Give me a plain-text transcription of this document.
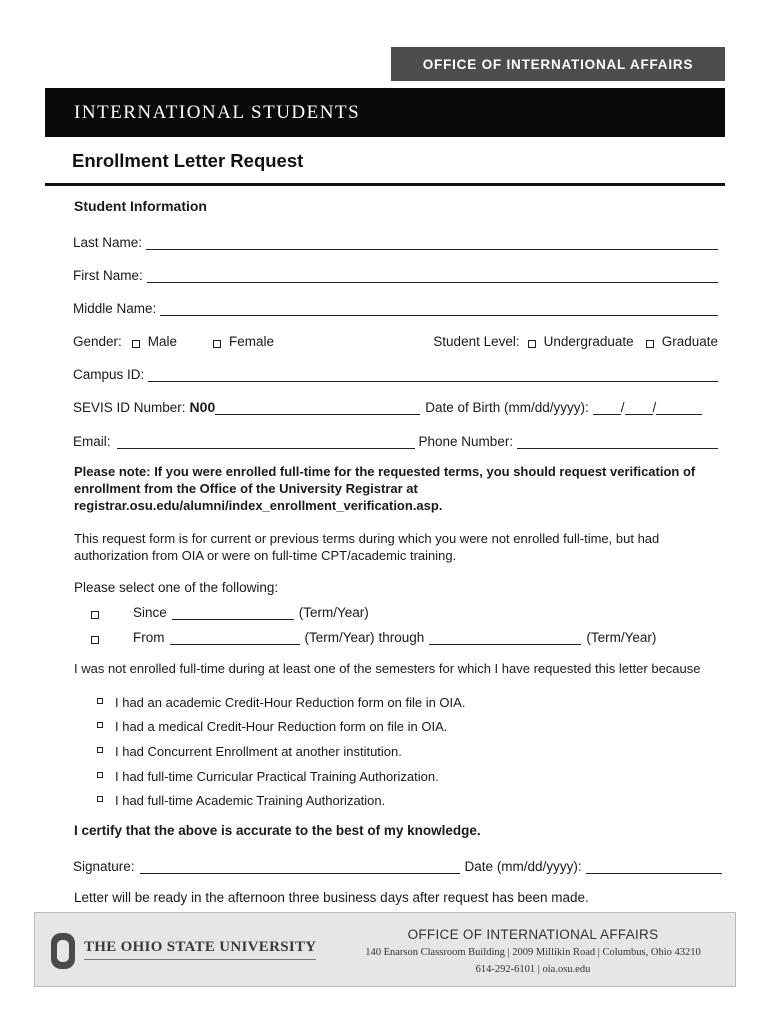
OFFICE OF INTERNATIONAL AFFAIRS
INTERNATIONAL STUDENTS
Enrollment Letter Request
Student Information
Last Name:
First Name:
Middle Name:
Gender: Male	Female	Student Level: Undergraduate Graduate
Campus ID:
SEVIS ID Number: N00	Date of Birth (mm/dd/yyyy): / /
Email:	Phone Number:
Please note: If you were enrolled full-time for the requested terms, you should request verification of enrollment from the Office of the University Registrar at registrar.osu.edu/alumni/index_enrollment_verification.asp.
This request form is for current or previous terms during which you were not enrolled full-time, but had authorization from OIA or were on full-time CPT/academic training.
Please select one of the following:
Since	(Term/Year)
From	(Term/Year) through	(Term/Year)
I was not enrolled full-time during at least one of the semesters for which I have requested this letter because
I had an academic Credit-Hour Reduction form on file in OIA.
I had a medical Credit-Hour Reduction form on file in OIA.
I had Concurrent Enrollment at another institution.
I had full-time Curricular Practical Training Authorization.
I had full-time Academic Training Authorization.
I certify that the above is accurate to the best of my knowledge.
Signature:	Date (mm/dd/yyyy):
Letter will be ready in the afternoon three business days after request has been made.
THE OHIO STATE UNIVERSITY
OFFICE OF INTERNATIONAL AFFAIRS
140 Enarson Classroom Building | 2009 Millikin Road | Columbus, Ohio 43210
614-292-6101 | oia.osu.edu
